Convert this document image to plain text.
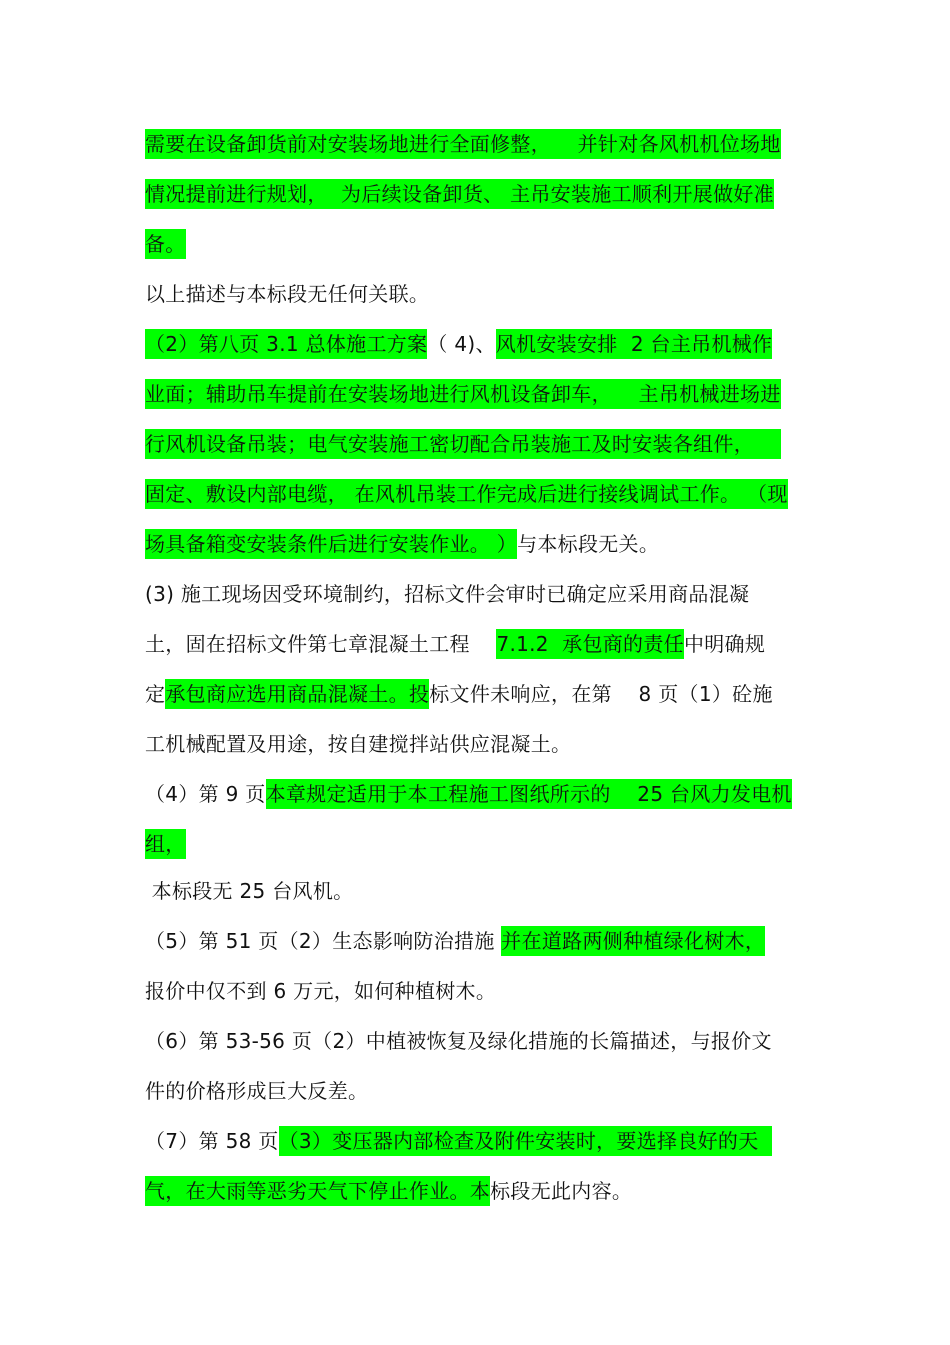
需要在设备卸货前对安装场地进行全面修整，    并针对各风机机位场地
情况提前进行规划，  为后续设备卸货、 主吊安装施工顺利开展做好准
备。
以上描述与本标段无任何关联。
（2）第八页 3.1 总体施工方案（ 4)、风机安装安排  2 台主吊机械作
业面；辅助吊车提前在安装场地进行风机设备卸车，    主吊机械进场进
行风机设备吊装；电气安装施工密切配合吊装施工及时安装各组件，
固定、敷设内部电缆， 在风机吊装工作完成后进行接线调试工作。 （现
场具备箱变安装条件后进行安装作业。 ）与本标段无关。
(3) 施工现场因受环境制约，招标文件会审时已确定应采用商品混凝
土，固在招标文件第七章混凝土工程    7.1.2  承包商的责任中明确规
定承包商应选用商品混凝土。投标文件未响应，在第    8 页（1）砼施
工机械配置及用途，按自建搅拌站供应混凝土。
（4）第 9 页本章规定适用于本工程施工图纸所示的    25 台风力发电机
组，
本标段无 25 台风机。
（5）第 51 页（2）生态影响防治措施 并在道路两侧种植绿化树木，
报价中仅不到 6 万元，如何种植树木。
（6）第 53-56 页（2）中植被恢复及绿化措施的长篇描述，与报价文
件的价格形成巨大反差。
（7）第 58 页（3）变压器内部检查及附件安装时，要选择良好的天
气，在大雨等恶劣天气下停止作业。本标段无此内容。
